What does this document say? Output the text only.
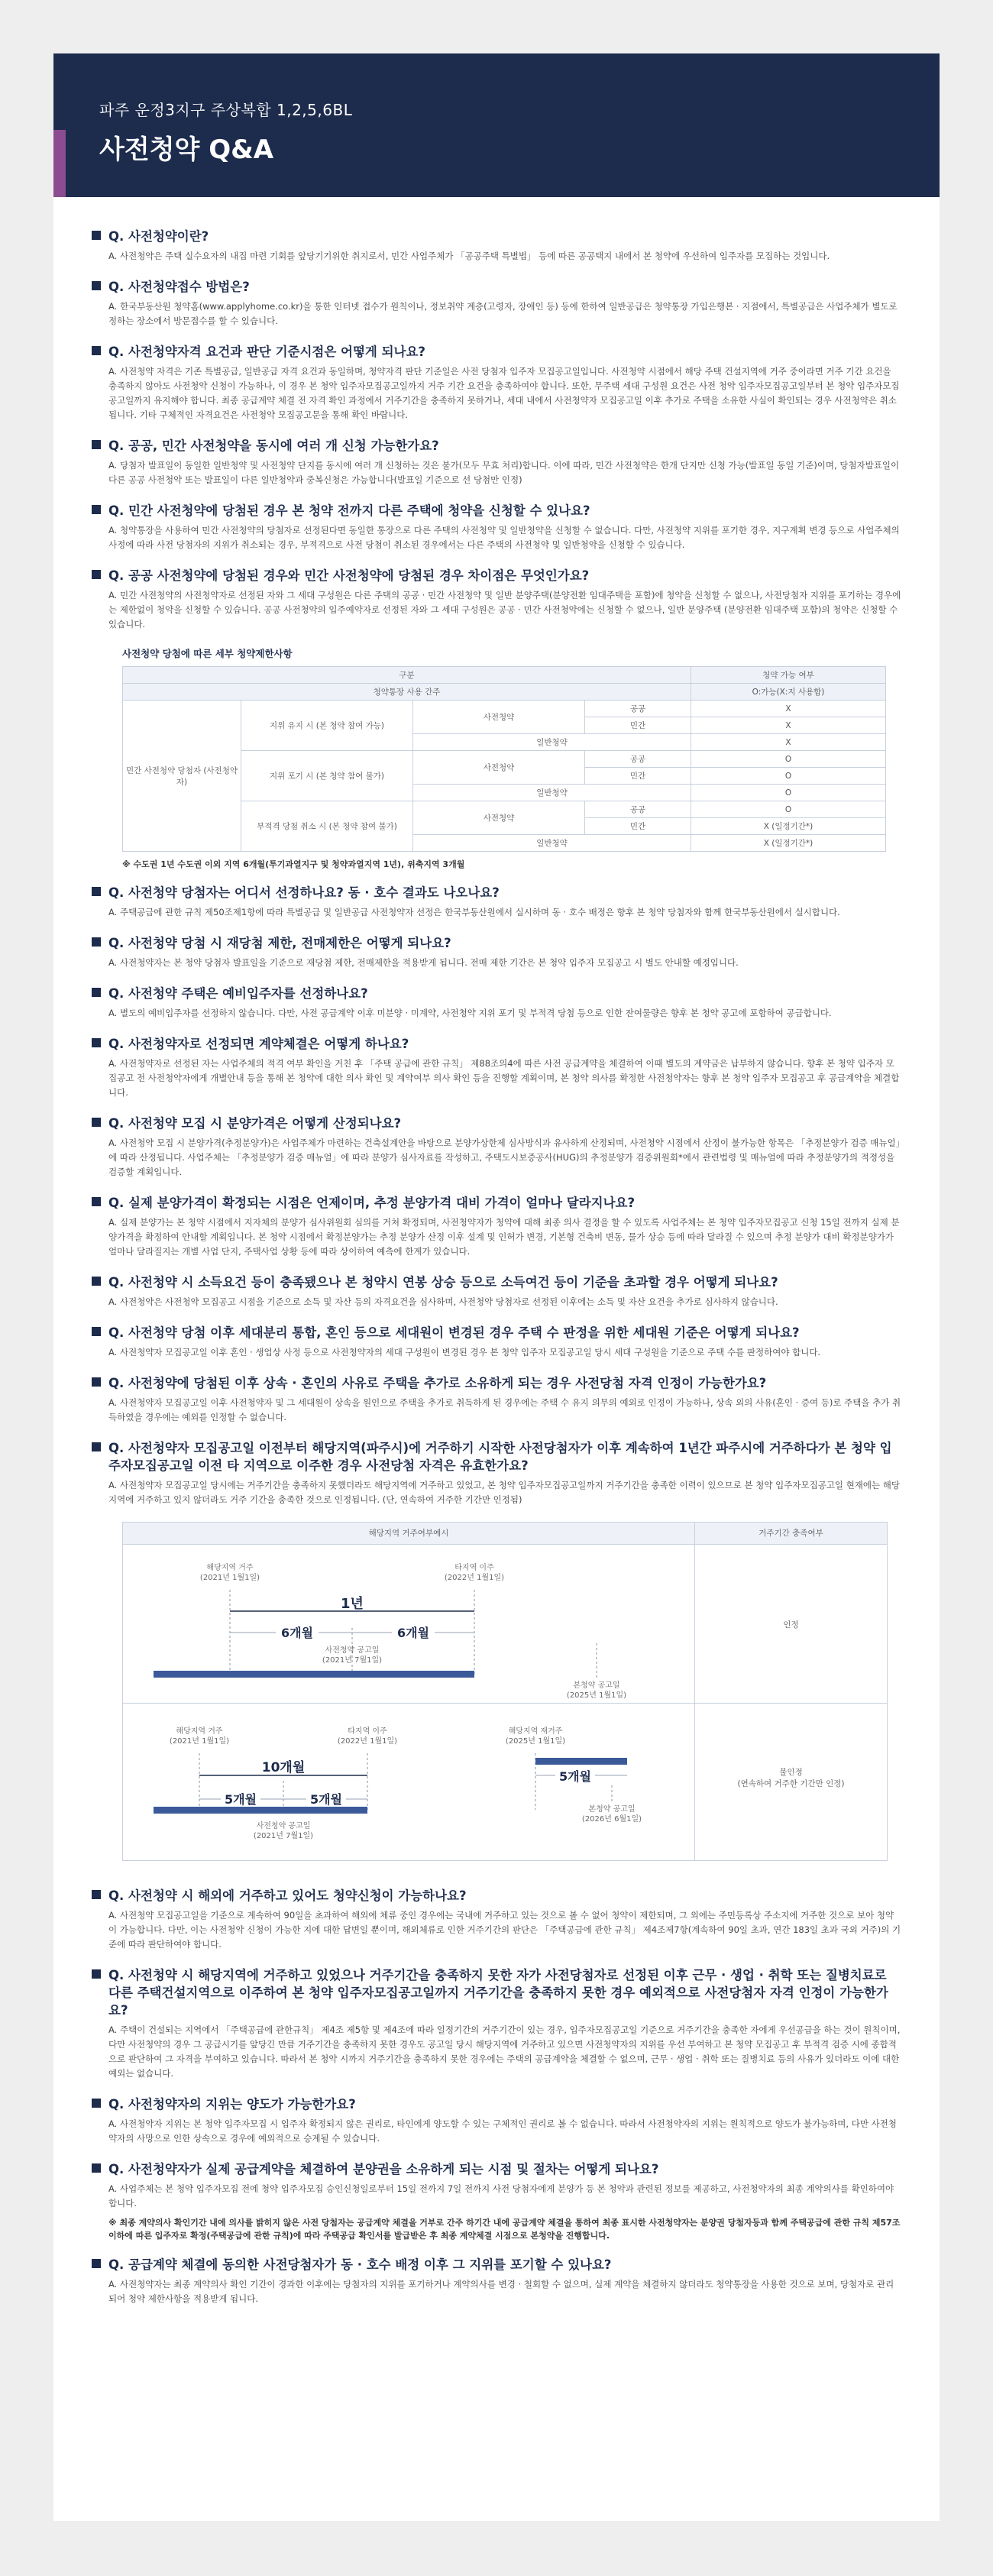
파주 운정3지구 주상복합 1,2,5,6BL
사전청약 Q&A
Q. 사전청약이란?
A. 사전청약은 주택 실수요자의 내집 마련 기회를 앞당기기위한 취지로서, 민간 사업주체가 「공공주택 특별법」 등에 따른 공공택지 내에서 본 청약에 우선하여 입주자를 모집하는 것입니다.
Q. 사전청약접수 방법은?
A. 한국부동산원 청약홈(www.applyhome.co.kr)을 통한 인터넷 접수가 원칙이나, 정보취약 계층(고령자, 장애인 등) 등에 한하여 일반공급은 청약통장 가입은행본 · 지점에서, 특별공급은 사업주체가 별도로 정하는 장소에서 방문접수를 할 수 있습니다.
Q. 사전청약자격 요건과 판단 기준시점은 어떻게 되나요?
A. 사전청약 자격은 기존 특별공급, 일반공급 자격 요건과 동일하며, 청약자격 판단 기준일은 사전 당첨자 입주자 모집공고일입니다. 사전청약 시점에서 해당 주택 건설지역에 거주 중이라면 거주 기간 요건을 충족하지 않아도 사전청약 신청이 가능하나, 이 경우 본 청약 입주자모집공고일까지 거주 기간 요건을 충족하여야 합니다. 또한, 무주택 세대 구성원 요건은 사전 청약 입주자모집공고일부터 본 청약 입주자모집공고일까지 유지해야 합니다. 최종 공급계약 체결 전 자격 확인 과정에서 거주기간을 충족하지 못하거나, 세대 내에서 사전청약자 모집공고일 이후 추가로 주택을 소유한 사실이 확인되는 경우 사전청약은 취소됩니다. 기타 구체적인 자격요건은 사전청약 모집공고문을 통해 확인 바랍니다.
Q. 공공, 민간 사전청약을 동시에 여러 개 신청 가능한가요?
A. 당첨자 발표일이 동일한 일반청약 및 사전청약 단지를 동시에 여러 개 신청하는 것은 불가(모두 무효 처리)합니다. 이에 따라, 민간 사전청약은 한개 단지만 신청 가능(발표일 동일 기준)이며, 당첨자발표일이 다른 공공 사전청약 또는 발표일이 다른 일반청약과 중복신청은 가능합니다(발표일 기준으로 선 당첨만 인정)
Q. 민간 사전청약에 당첨된 경우 본 청약 전까지 다른 주택에 청약을 신청할 수 있나요?
A. 청약통장을 사용하여 민간 사전청약의 당첨자로 선정된다면 동일한 통장으로 다른 주택의 사전청약 및 일반청약을 신청할 수 없습니다. 다만, 사전청약 지위를 포기한 경우, 지구계획 변경 등으로 사업주체의 사정에 따라 사전 당첨자의 지위가 취소되는 경우, 부적격으로 사전 당첨이 취소된 경우에서는 다른 주택의 사전청약 및 일반청약을 신청할 수 있습니다.
Q. 공공 사전청약에 당첨된 경우와 민간 사전청약에 당첨된 경우 차이점은 무엇인가요?
A. 민간 사전청약의 사전청약자로 선정된 자와 그 세대 구성원은 다른 주택의 공공 · 민간 사전청약 및 일반 분양주택(분양전환 임대주택을 포함)에 청약을 신청할 수 없으나, 사전당첨자 지위를 포기하는 경우에는 제한없이 청약을 신청할 수 있습니다. 공공 사전청약의 입주예약자로 선정된 자와 그 세대 구성원은 공공 · 민간 사전청약에는 신청할 수 없으나, 일반 분양주택 (분양전환 임대주택 포함)의 청약은 신청할 수 있습니다.
사전청약 당첨에 따른 세부 청약제한사항
구분				청약 가능 여부
청약통장 사용 간주				O:가능(X:지 사용함)
민간 사전청약 당첨자 (사전청약자)	지위 유지 시 (본 청약 참여 가능)	사전청약	공공	X
			민간	X
		일반청약		X
	지위 포기 시 (본 청약 참여 불가)	사전청약	공공	O
			민간	O
		일반청약		O
	부적격 당첨 취소 시 (본 청약 참여 불가)	사전청약	공공	O
			민간	X (일정기간*)
		일반청약		X (일정기간*)
※ 수도권 1년 수도권 이외 지역 6개월(투기과열지구 및 청약과열지역 1년), 위축지역 3개월
Q. 사전청약 당첨자는 어디서 선정하나요? 동 · 호수 결과도 나오나요?
A. 주택공급에 관한 규칙 제50조제1항에 따라 특별공급 및 일반공급 사전청약자 선정은 한국부동산원에서 실시하며 동 · 호수 배정은 향후 본 청약 당첨자와 함께 한국부동산원에서 실시합니다.
Q. 사전청약 당첨 시 재당첨 제한, 전매제한은 어떻게 되나요?
A. 사전청약자는 본 청약 당첨자 발표일을 기준으로 재당첨 제한, 전매제한을 적용받게 됩니다. 전매 제한 기간은 본 청약 입주자 모집공고 시 별도 안내할 예정입니다.
Q. 사전청약 주택은 예비입주자를 선정하나요?
A. 별도의 예비입주자를 선정하지 않습니다. 다만, 사전 공급계약 이후 미분양 · 미계약, 사전청약 지위 포기 및 부적격 당첨 등으로 인한 잔여물량은 향후 본 청약 공고에 포함하여 공급합니다.
Q. 사전청약자로 선정되면 계약체결은 어떻게 하나요?
A. 사전청약자로 선정된 자는 사업주체의 적격 여부 확인을 거친 후 「주택 공급에 관한 규칙」 제88조의4에 따른 사전 공급계약을 체결하여 이때 별도의 계약금은 납부하지 않습니다. 향후 본 청약 입주자 모집공고 전 사전청약자에게 개별안내 등을 통해 본 청약에 대한 의사 확인 및 계약여부 의사 확인 등을 진행할 계획이며, 본 청약 의사를 확정한 사전청약자는 향후 본 청약 입주자 모집공고 후 공급계약을 체결합니다.
Q. 사전청약 모집 시 분양가격은 어떻게 산정되나요?
A. 사전청약 모집 시 분양가격(추정분양가)은 사업주체가 마련하는 건축설계안을 바탕으로 분양가상한제 심사방식과 유사하게 산정되며, 사전청약 시점에서 산정이 불가능한 항목은 「추정분양가 검증 매뉴얼」에 따라 산정됩니다. 사업주체는 「추정분양가 검증 매뉴얼」에 따라 분양가 심사자료를 작성하고, 주택도시보증공사(HUG)의 추정분양가 검증위원회*에서 관련법령 및 매뉴얼에 따라 추정분양가의 적정성을 검증할 계획입니다.
Q. 실제 분양가격이 확정되는 시점은 언제이며, 추정 분양가격 대비 가격이 얼마나 달라지나요?
A. 실제 분양가는 본 청약 시점에서 지자체의 분양가 심사위원회 심의를 거쳐 확정되며, 사전청약자가 청약에 대해 최종 의사 결정을 할 수 있도록 사업주체는 본 청약 입주자모집공고 신청 15일 전까지 실제 분양가격을 확정하여 안내할 계획입니다. 본 청약 시점에서 확정분양가는 추정 분양가 산정 이후 설계 및 인허가 변경, 기본형 건축비 변동, 물가 상승 등에 따라 달라질 수 있으며 추정 분양가 대비 확정분양가가 얼마나 달라질지는 개별 사업 단지, 주택사업 상황 등에 따라 상이하여 예측에 한계가 있습니다.
Q. 사전청약 시 소득요건 등이 충족됐으나 본 청약시 연봉 상승 등으로 소득여건 등이 기준을 초과할 경우 어떻게 되나요?
A. 사전청약은 사전청약 모집공고 시점을 기준으로 소득 및 자산 등의 자격요건을 심사하며, 사전청약 당첨자로 선정된 이후에는 소득 및 자산 요건을 추가로 심사하지 않습니다.
Q. 사전청약 당첨 이후 세대분리 통합, 혼인 등으로 세대원이 변경된 경우 주택 수 판정을 위한 세대원 기준은 어떻게 되나요?
A. 사전청약자 모집공고일 이후 혼인 · 생업상 사정 등으로 사전청약자의 세대 구성원이 변경된 경우 본 청약 입주자 모집공고일 당시 세대 구성원을 기준으로 주택 수를 판정하여야 합니다.
Q. 사전청약에 당첨된 이후 상속 · 혼인의 사유로 주택을 추가로 소유하게 되는 경우 사전당첨 자격 인정이 가능한가요?
A. 사전청약자 모집공고일 이후 사전청약자 및 그 세대원이 상속을 원인으로 주택을 추가로 취득하게 된 경우에는 주택 수 유지 의무의 예외로 인정이 가능하나, 상속 외의 사유(혼인 · 증여 등)로 주택을 추가 취득하였을 경우에는 예외를 인정할 수 없습니다.
Q. 사전청약자 모집공고일 이전부터 해당지역(파주시)에 거주하기 시작한 사전당첨자가 이후 계속하여 1년간 파주시에 거주하다가 본 청약 입주자모집공고일 이전 타 지역으로 이주한 경우 사전당첨 자격은 유효한가요?
A. 사전청약자 모집공고일 당시에는 거주기간을 충족하지 못했더라도 해당지역에 거주하고 있었고, 본 청약 입주자모집공고일까지 거주기간을 충족한 이력이 있으므로 본 청약 입주자모집공고일 현재에는 해당지역에 거주하고 있지 않더라도 거주 기간을 충족한 것으로 인정됩니다. (단, 연속하여 거주한 기간만 인정됨)
해당지역 거주여부예시	거주기간 충족여부
해당지역 거주 (2021년 1월1일)
타지역 이주 (2022년 1월1일)
1년
6개월	6개월
사전청약 공고일 (2021년 7월1일)
본청약 공고일 (2025년 1월1일)
해당지역 거주 (2021년 1월1일)
타지역 이주 (2022년 1월1일)
해당지역 재거주 (2025년 1월1일)
10개월
5개월	5개월
5개월
사전청약 공고일 (2021년 7월1일)
본청약 공고일 (2026년 6월1일)
인정
불인정
(연속하여 거주한 기간만 인정)
Q. 사전청약 시 해외에 거주하고 있어도 청약신청이 가능하나요?
A. 사전청약 모집공고일을 기준으로 계속하여 90일을 초과하여 해외에 체류 중인 경우에는 국내에 거주하고 있는 것으로 볼 수 없어 청약이 제한되며, 그 외에는 주민등록상 주소지에 거주한 것으로 보아 청약이 가능합니다. 다만, 이는 사전청약 신청이 가능한 지에 대한 답변일 뿐이며, 해외체류로 인한 거주기간의 판단은 「주택공급에 관한 규칙」 제4조제7항(계속하여 90일 초과, 연간 183일 초과 국외 거주)의 기준에 따라 판단하여야 합니다.
Q. 사전청약 시 해당지역에 거주하고 있었으나 거주기간을 충족하지 못한 자가 사전당첨자로 선정된 이후 근무 · 생업 · 취학 또는 질병치료로 다른 주택건설지역으로 이주하여 본 청약 입주자모집공고일까지 거주기간을 충족하지 못한 경우 예외적으로 사전당첨자 자격 인정이 가능한가요?
A. 주택이 건설되는 지역에서 「주택공급에 관한규칙」 제4조 제5항 및 제4조에 따라 일정기간의 거주기간이 있는 경우, 입주자모집공고일 기준으로 거주기간을 충족한 자에게 우선공급을 하는 것이 원칙이며, 다만 사전청약의 경우 그 공급시기를 앞당긴 만큼 거주기간을 충족하지 못한 경우도 공고일 당시 해당지역에 거주하고 있으면 사전청약자의 지위를 우선 부여하고 본 청약 모집공고 후 부적격 검증 시에 종합적으로 판단하여 그 자격을 부여하고 있습니다. 따라서 본 청약 시까지 거주기간을 충족하지 못한 경우에는 주택의 공급계약을 체결할 수 없으며, 근무 · 생업 · 취학 또는 질병치료 등의 사유가 있더라도 이에 대한 예외는 없습니다.
Q. 사전청약자의 지위는 양도가 가능한가요?
A. 사전청약자 지위는 본 청약 입주자모집 시 입주자 확정되지 않은 권리로, 타인에게 양도할 수 있는 구체적인 권리로 볼 수 없습니다. 따라서 사전청약자의 지위는 원칙적으로 양도가 불가능하며, 다만 사전청약자의 사망으로 인한 상속으로 경우에 예외적으로 승계될 수 있습니다.
Q. 사전청약자가 실제 공급계약을 체결하여 분양권을 소유하게 되는 시점 및 절차는 어떻게 되나요?
A. 사업주체는 본 청약 입주자모집 전에 청약 입주자모집 승인신청일로부터 15일 전까지 7일 전까지 사전 당첨자에게 분양가 등 본 청약과 관련된 정보를 제공하고, 사전청약자의 최종 계약의사를 확인하여야 합니다.
※ 최종 계약의사 확인기간 내에 의사를 밝히지 않은 사전 당첨자는 공급계약 체결을 거부로 간주 하기간 내에 공급계약 체결을 통하여 최종 표시한 사전청약자는 분양권 당첨자등과 함께 주택공급에 관한 규칙 제57조 이하에 따른 입주자로 확정(주택공급에 관한 규칙)에 따라 주택공급 확인서를 발급받은 후 최종 계약체결 시점으로 본청약을 진행합니다.
Q. 공급계약 체결에 동의한 사전당첨자가 동 · 호수 배정 이후 그 지위를 포기할 수 있나요?
A. 사전청약자는 최종 계약의사 확인 기간이 경과한 이후에는 당첨자의 지위를 포기하거나 계약의사를 변경 · 철회할 수 없으며, 실제 계약을 체결하지 않더라도 청약통장을 사용한 것으로 보며, 당첨자로 관리되어 청약 제한사항을 적용받게 됩니다.
